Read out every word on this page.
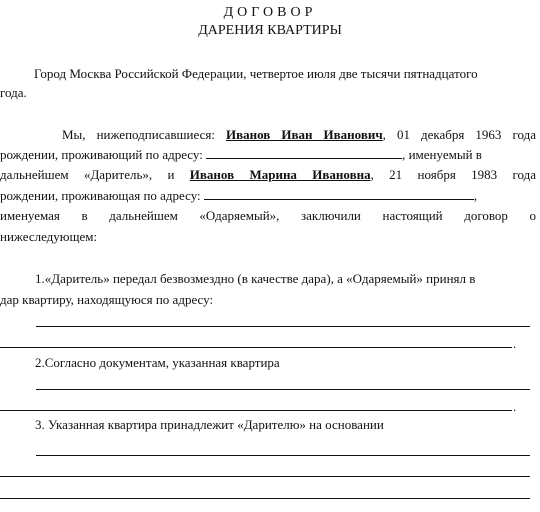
ДОГОВОР
ДАРЕНИЯ КВАРТИРЫ
Город Москва Российской Федерации, четвертое июля две тысячи пятнадцатого
года.
Мы, нижеподписавшиеся: Иванов Иван Иванович, 01 декабря 1963 года
рождении, проживающий по адресу:	, именуемый в
дальнейшем «Даритель», и Иванов Марина Ивановна, 21 ноября 1983 года
рождении, проживающая по адресу:	,
именуемая в дальнейшем «Одаряемый», заключили настоящий договор о
нижеследующем:
1.«Даритель» передал безвозмездно (в качестве дара), а «Одаряемый» принял в
дар квартиру, находящуюся по адресу:
.
2.Согласно документам, указанная квартира
.
3. Указанная квартира принадлежит «Дарителю» на основании
